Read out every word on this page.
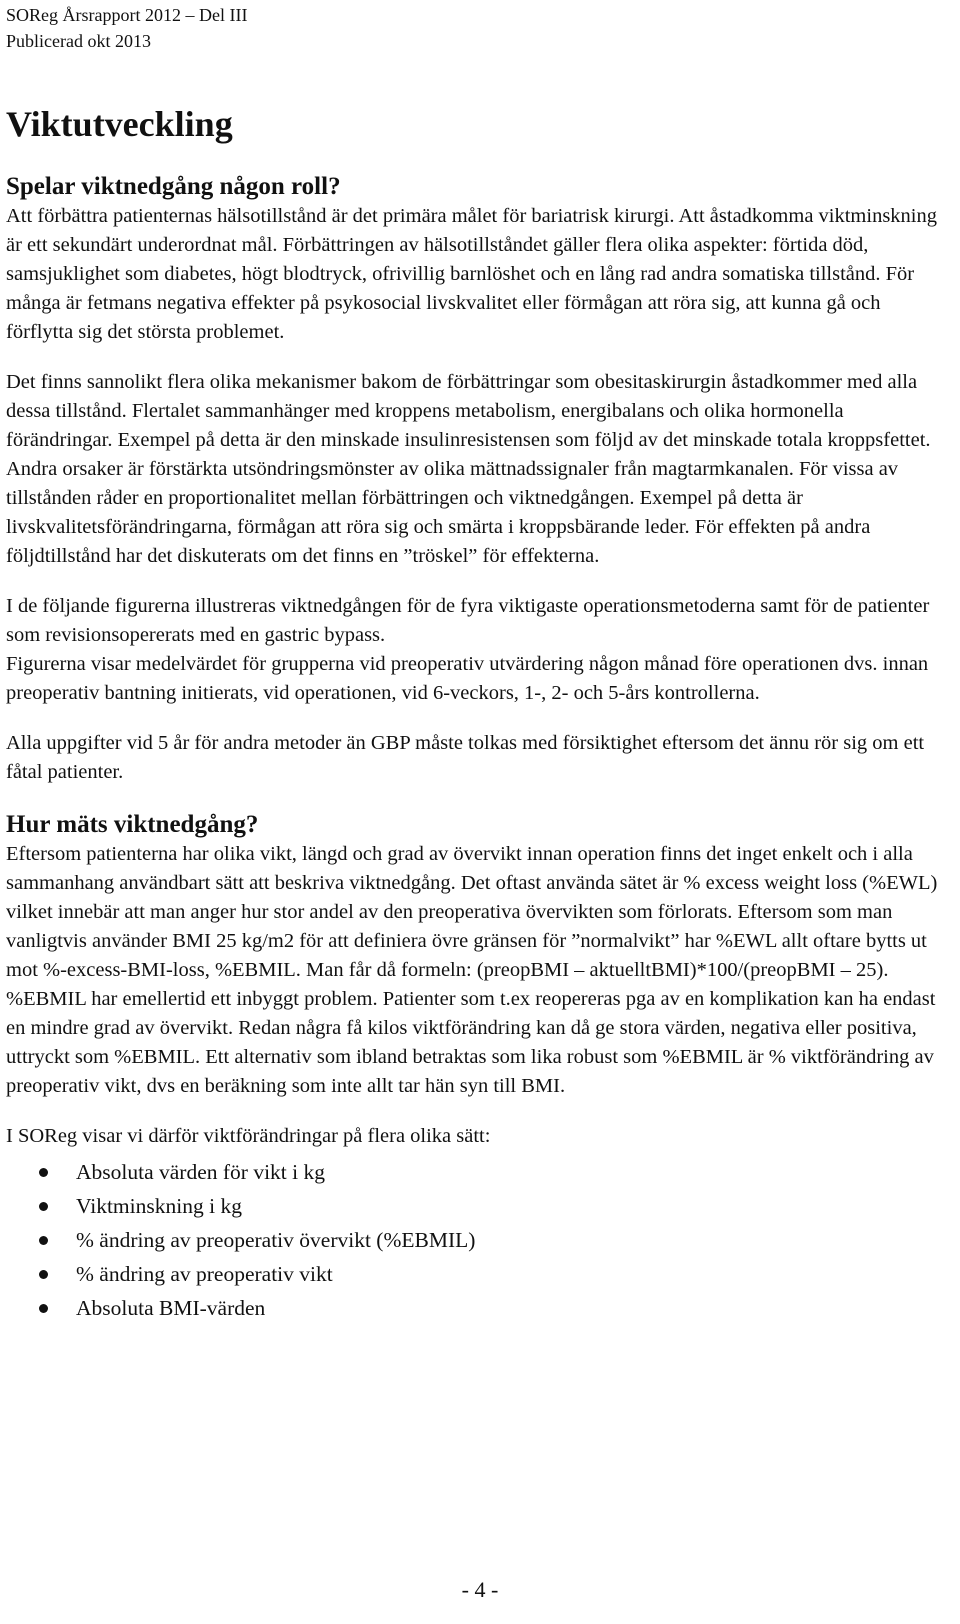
SOReg Årsrapport 2012 – Del III
Publicerad okt 2013
Viktutveckling
Spelar viktnedgång någon roll?

Att förbättra patienternas hälsotillstånd är det primära målet för bariatrisk kirurgi. Att åstadkomma viktminskning är ett sekundärt underordnat mål. Förbättringen av hälsotillståndet gäller flera olika aspekter: förtida död, samsjuklighet som diabetes, högt blodtryck, ofrivillig barnlöshet och en lång rad andra somatiska tillstånd. För många är fetmans negativa effekter på psykosocial livskvalitet eller förmågan att röra sig, att kunna gå och förflytta sig det största problemet.

Det finns sannolikt flera olika mekanismer bakom de förbättringar som obesitaskirurgin åstadkommer med alla dessa tillstånd. Flertalet sammanhänger med kroppens metabolism, energibalans och olika hormonella förändringar. Exempel på detta är den minskade insulinresistensen som följd av det minskade totala kroppsfettet. Andra orsaker är förstärkta utsöndringsmönster av olika mättnadssignaler från magtarmkanalen. För vissa av tillstånden råder en proportionalitet mellan förbättringen och viktnedgången. Exempel på detta är livskvalitetsförändringarna, förmågan att röra sig och smärta i kroppsbärande leder. För effekten på andra följdtillstånd har det diskuterats om det finns en ”tröskel” för effekterna.

I de följande figurerna illustreras viktnedgången för de fyra viktigaste operationsmetoderna samt för de patienter som revisionsopererats med en gastric bypass.

Figurerna visar medelvärdet för grupperna vid preoperativ utvärdering någon månad före operationen dvs. innan preoperativ bantning initierats, vid operationen, vid 6-veckors, 1-, 2- och 5-års kontrollerna.

Alla uppgifter vid 5 år för andra metoder än GBP måste tolkas med försiktighet eftersom det ännu rör sig om ett fåtal patienter.

Hur mäts viktnedgång?

Eftersom patienterna har olika vikt, längd och grad av övervikt innan operation finns det inget enkelt och i alla sammanhang användbart sätt att beskriva viktnedgång. Det oftast använda sätet är % excess weight loss (%EWL) vilket innebär att man anger hur stor andel av den preoperativa övervikten som förlorats. Eftersom som man vanligtvis använder BMI 25 kg/m2 för att definiera övre gränsen för ”normalvikt” har %EWL allt oftare bytts ut mot %-excess-BMI-loss, %EBMIL. Man får då formeln: (preopBMI – aktuelltBMI)*100/(preopBMI – 25). %EBMIL har emellertid ett inbyggt problem. Patienter som t.ex reopereras pga av en komplikation kan ha endast en mindre grad av övervikt. Redan några få kilos viktförändring kan då ge stora värden, negativa eller positiva, uttryckt som %EBMIL. Ett alternativ som ibland betraktas som lika robust som %EBMIL är % viktförändring av preoperativ vikt, dvs en beräkning som inte allt tar hän syn till BMI.

I SOReg visar vi därför viktförändringar på flera olika sätt:

Absoluta värden för vikt i kg
Viktminskning i kg
% ändring av preoperativ övervikt (%EBMIL)
% ändring av preoperativ vikt
Absoluta BMI-värden
- 4 -
